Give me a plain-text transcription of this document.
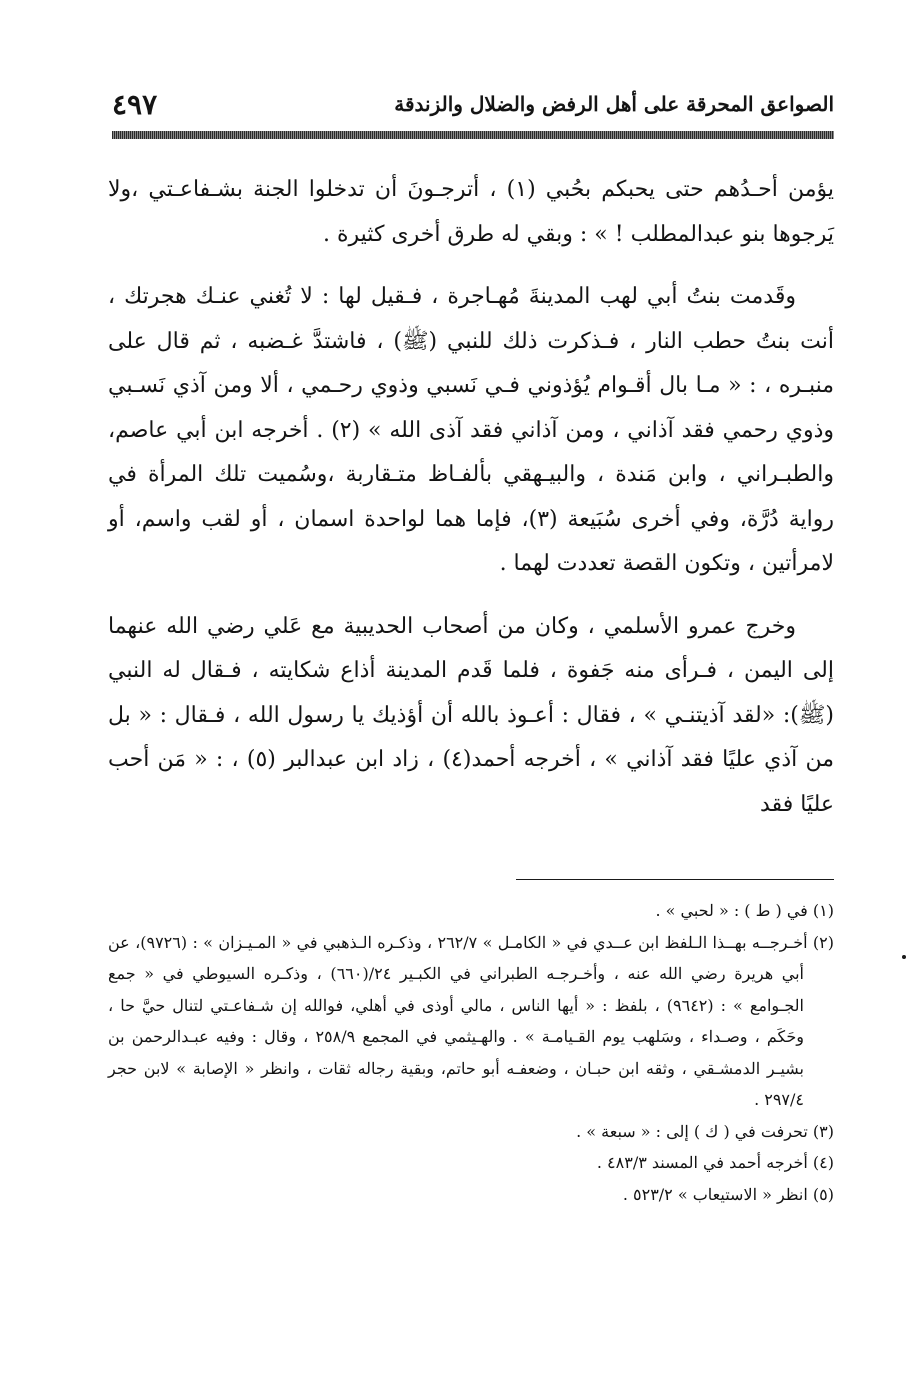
الصواعق المحرقة على أهل الرفض والضلال والزندقة
٤٩٧

يؤمن أحـدُهم حتى يحبكم بحُبي (١) ، أترجـونَ أن تدخلوا الجنة بشـفاعـتي ،ولا يَرجوها بنو عبدالمطلب ! » : وبقي له طرق أخرى كثيرة .

وقَدمت بنتُ أبي لهب المدينةَ مُهـاجرة ، فـقيل لها : لا تُغني عنـك هجرتك ، أنت بنتُ حطب النار ، فـذكرت ذلك للنبي (ﷺ) ، فاشتدَّ غـضبه ، ثم قال على منبـره ، : « مـا بال أقـوام يُؤذوني فـي نَسبي وذوي رحـمي ، ألا ومن آذي نَسـبي وذوي رحمي فقد آذاني ، ومن آذاني فقد آذى الله » (٢) . أخرجه ابن أبي عاصم، والطبـراني ، وابن مَندة ، والبيـهقي بألفـاظ متـقاربة ،وسُميت تلك المرأة في رواية دُرَّة، وفي أخرى سُبَيعة (٣)، فإما هما لواحدة اسمان ، أو لقب واسم، أو لامرأتين ، وتكون القصة تعددت لهما .

وخرج عمرو الأسلمي ، وكان من أصحاب الحديبية مع عَلي رضي الله عنهما إلى اليمن ، فـرأى منه جَفوة ، فلما قَدم المدينة أذاع شكايته ، فـقال له النبي (ﷺ): «لقد آذيتنـي » ، فقال : أعـوذ بالله أن أؤذيك يا رسول الله ، فـقال : « بل من آذي عليًا فقد آذاني » ، أخرجه أحمد(٤) ، زاد ابن عبدالبر (٥) ، : « مَن أحب عليًا فقد

(١) في ( ط ) : « لحبي » .

(٢) أخـرجــه بهــذا الـلفظ ابن عــدي في « الكامـل » ٢٦٢/٧ ، وذكـره الـذهبي في « المـيـزان » : (٩٧٢٦)، عن أبي هريرة رضي الله عنه ، وأخـرجـه الطبراني في الكبـير ٢٤/(٦٦٠) ، وذكـره السيوطي في « جمع الجـوامع » : (٩٦٤٢) ، بلفظ : « أيها الناس ، مالي أوذى في أهلي، فوالله إن شـفاعـتي لتنال حيَّ حا ، وحَكَم ، وصـداء ، وسَلهب يوم القـيامـة » . والهـيثمي في المجمع ٢٥٨/٩ ، وقال : وفيه عبـدالرحمن بن بشيـر الدمشـقي ، وثقه ابن حبـان ، وضعفـه أبو حاتم، وبقية رجاله ثقات ، وانظر « الإصابة » لابن حجر ٢٩٧/٤ .

(٣) تحرفت في ( ك ) إلى : « سبعة » .

(٤) أخرجه أحمد في المسند ٤٨٣/٣ .

(٥) انظر « الاستيعاب » ٥٢٣/٢ .
